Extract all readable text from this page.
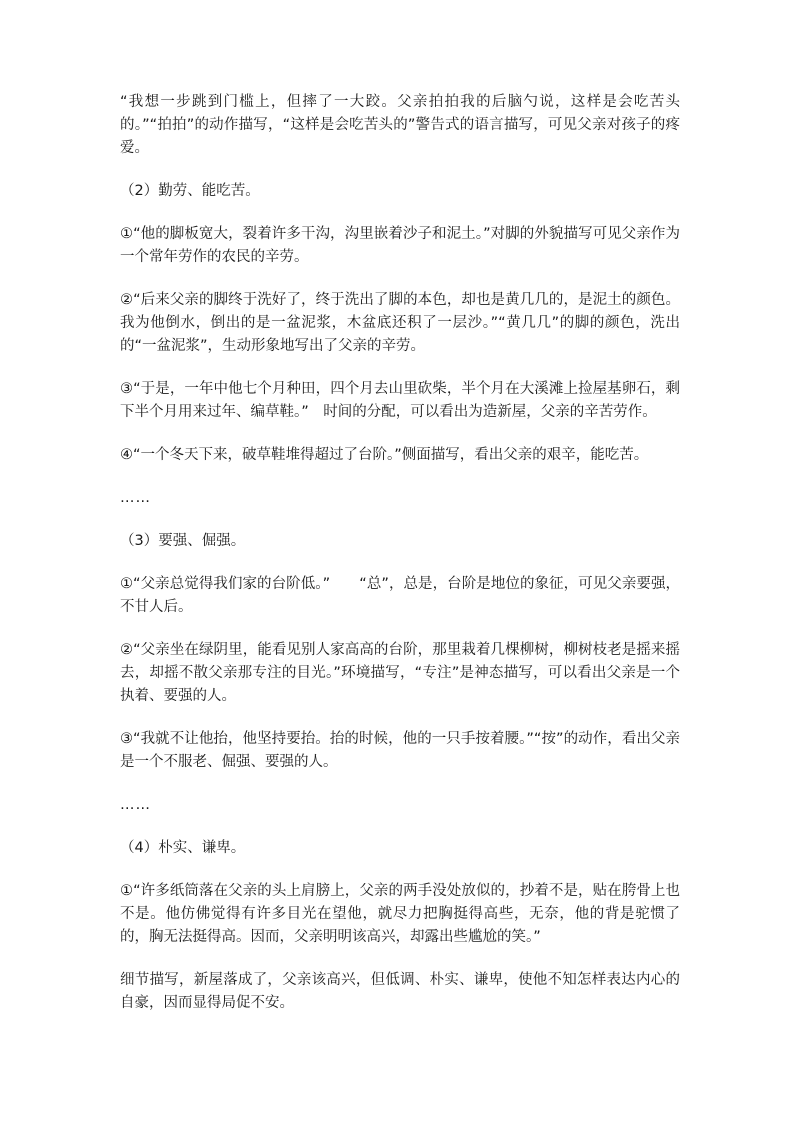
“我想一步跳到门槛上，但摔了一大跤。父亲拍拍我的后脑勺说，这样是会吃苦头的。”“拍拍”的动作描写，“这样是会吃苦头的”警告式的语言描写，可见父亲对孩子的疼爱。

（2）勤劳、能吃苦。

①“他的脚板宽大，裂着许多干沟，沟里嵌着沙子和泥土。”对脚的外貌描写可见父亲作为一个常年劳作的农民的辛劳。

②“后来父亲的脚终于洗好了，终于洗出了脚的本色，却也是黄几几的，是泥土的颜色。我为他倒水，倒出的是一盆泥浆，木盆底还积了一层沙。”“黄几几”的脚的颜色，洗出的“一盆泥浆”，生动形象地写出了父亲的辛劳。

③“于是，一年中他七个月种田，四个月去山里砍柴，半个月在大溪滩上捡屋基卵石，剩下半个月用来过年、编草鞋。”　时间的分配，可以看出为造新屋，父亲的辛苦劳作。

④“一个冬天下来，破草鞋堆得超过了台阶。”侧面描写，看出父亲的艰辛，能吃苦。

……

（3）要强、倔强。

①“父亲总觉得我们家的台阶低。”　　“总”，总是，台阶是地位的象征，可见父亲要强，不甘人后。

②“父亲坐在绿阴里，能看见别人家高高的台阶，那里栽着几棵柳树，柳树枝老是摇来摇去，却摇不散父亲那专注的目光。”环境描写，“专注”是神态描写，可以看出父亲是一个执着、要强的人。

③“我就不让他抬，他坚持要抬。抬的时候，他的一只手按着腰。”“按”的动作，看出父亲是一个不服老、倔强、要强的人。

……

（4）朴实、谦卑。

①“许多纸筒落在父亲的头上肩膀上，父亲的两手没处放似的，抄着不是，贴在胯骨上也不是。他仿佛觉得有许多目光在望他，就尽力把胸挺得高些，无奈，他的背是驼惯了的，胸无法挺得高。因而，父亲明明该高兴，却露出些尴尬的笑。”

细节描写，新屋落成了，父亲该高兴，但低调、朴实、谦卑，使他不知怎样表达内心的自豪，因而显得局促不安。
